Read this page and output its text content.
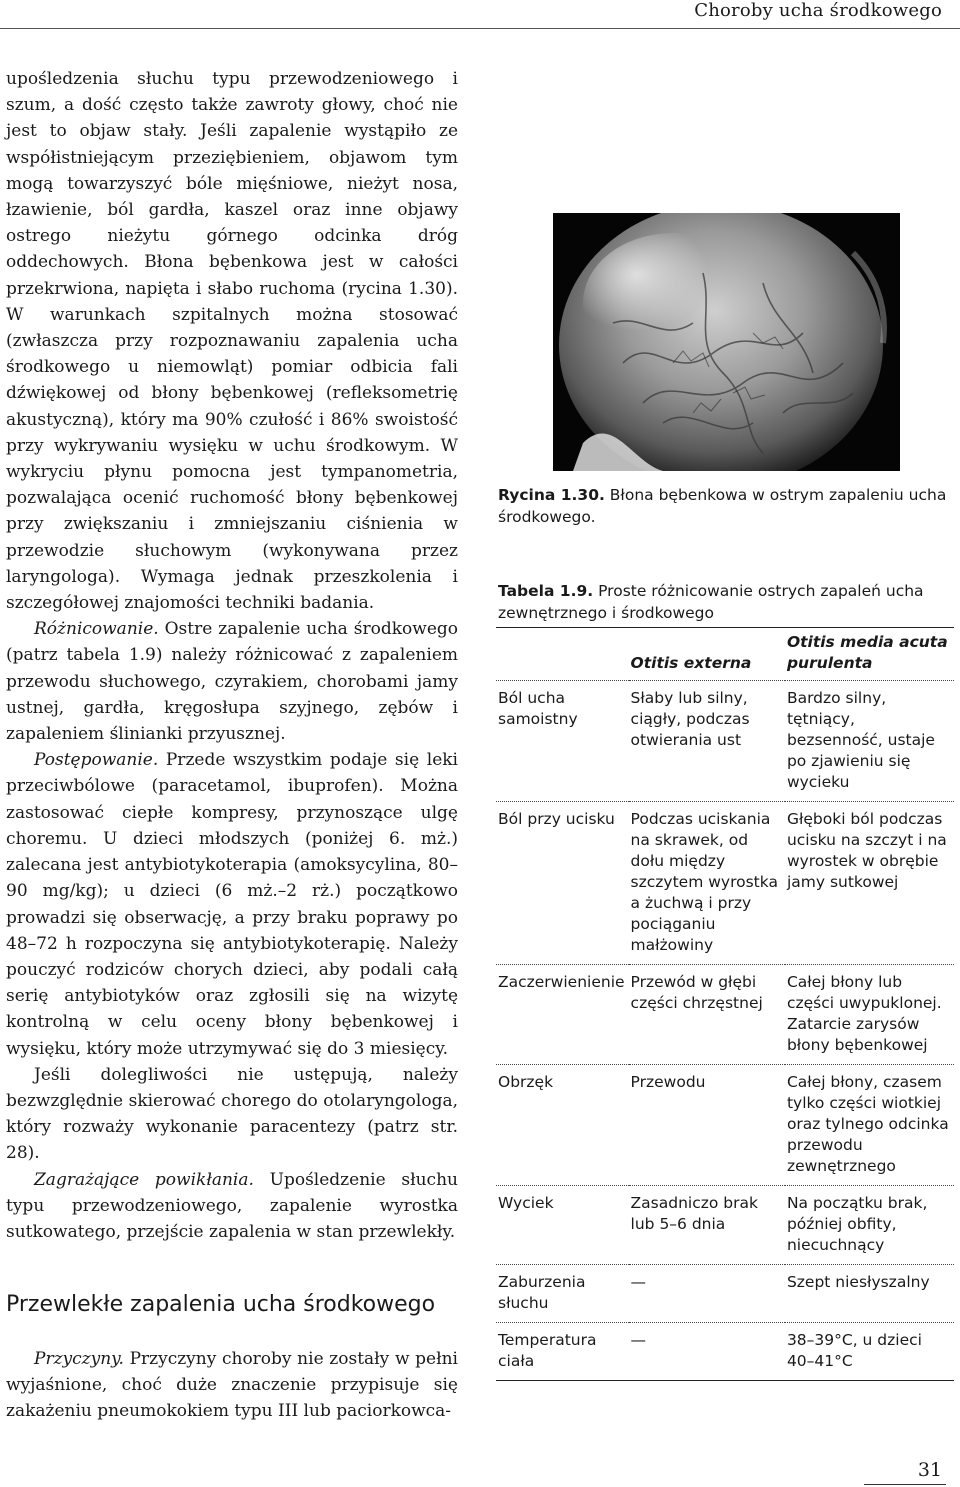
Choroby ucha środkowego

upośledzenia słuchu typu przewodzeniowego i szum, a dość często także zawroty głowy, choć nie jest to objaw stały. Jeśli zapalenie wystąpiło ze współistniejącym przeziębieniem, objawom tym mogą towarzyszyć bóle mięśniowe, nieżyt nosa, łzawienie, ból gardła, kaszel oraz inne objawy ostrego nieżytu górnego odcinka dróg oddechowych. Błona bębenkowa jest w całości przekrwiona, napięta i słabo ruchoma (rycina 1.30). W warunkach szpitalnych można stosować (zwłaszcza przy rozpoznawaniu zapalenia ucha środkowego u niemowląt) pomiar odbicia fali dźwiękowej od błony bębenkowej (refleksometrię akustyczną), który ma 90% czułość i 86% swoistość przy wykrywaniu wysięku w uchu środkowym. W wykryciu płynu pomocna jest tympanometria, pozwalająca ocenić ruchomość błony bębenkowej przy zwiększaniu i zmniejszaniu ciśnienia w przewodzie słuchowym (wykonywana przez laryngologa). Wymaga jednak przeszkolenia i szczegółowej znajomości techniki badania.

Różnicowanie. Ostre zapalenie ucha środkowego (patrz tabela 1.9) należy różnicować z zapaleniem przewodu słuchowego, czyrakiem, chorobami jamy ustnej, gardła, kręgosłupa szyjnego, zębów i zapaleniem ślinianki przyusznej.

Postępowanie. Przede wszystkim podaje się leki przeciwbólowe (paracetamol, ibuprofen). Można zastosować ciepłe kompresy, przynoszące ulgę choremu. U dzieci młodszych (poniżej 6. mż.) zalecana jest antybiotykoterapia (amoksycylina, 80–90 mg/kg); u dzieci (6 mż.–2 rż.) początkowo prowadzi się obserwację, a przy braku poprawy po 48–72 h rozpoczyna się antybiotykoterapię. Należy pouczyć rodziców chorych dzieci, aby podali całą serię antybiotyków oraz zgłosili się na wizytę kontrolną w celu oceny błony bębenkowej i wysięku, który może utrzymywać się do 3 miesięcy.

Jeśli dolegliwości nie ustępują, należy bezwzględnie skierować chorego do otolaryngologa, który rozważy wykonanie paracentezy (patrz str. 28).

Zagrażające powikłania. Upośledzenie słuchu typu przewodzeniowego, zapalenie wyrostka sutkowatego, przejście zapalenia w stan przewlekły.

Przewlekłe zapalenia ucha środkowego

Przyczyny. Przyczyny choroby nie zostały w pełni wyjaśnione, choć duże znaczenie przypisuje się zakażeniu pneumokokiem typu III lub paciorkowca-

Rycina 1.30. Błona bębenkowa w ostrym zapaleniu ucha środkowego.
Tabela 1.9. Proste różnicowanie ostrych zapaleń ucha zewnętrznego i środkowego
	Otitis externa	Otitis media acuta purulenta
Ból ucha samoistny	Słaby lub silny, ciągły, podczas otwierania ust	Bardzo silny, tętniący, bezsenność, ustaje po zjawieniu się wycieku
Ból przy ucisku	Podczas uciskania na skrawek, od dołu między szczytem wyrostka a żuchwą i przy pociąganiu małżowiny	Głęboki ból podczas ucisku na szczyt i na wyrostek w obrębie jamy sutkowej
Zaczerwienienie	Przewód w głębi części chrzęstnej	Całej błony lub części uwypuklonej. Zatarcie zarysów błony bębenkowej
Obrzęk	Przewodu	Całej błony, czasem tylko części wiotkiej oraz tylnego odcinka przewodu zewnętrznego
Wyciek	Zasadniczo brak lub 5–6 dnia	Na początku brak, później obfity, niecuchnący
Zaburzenia słuchu	—	Szept niesłyszalny
Temperatura ciała	—	38–39°C, u dzieci 40–41°C
31
